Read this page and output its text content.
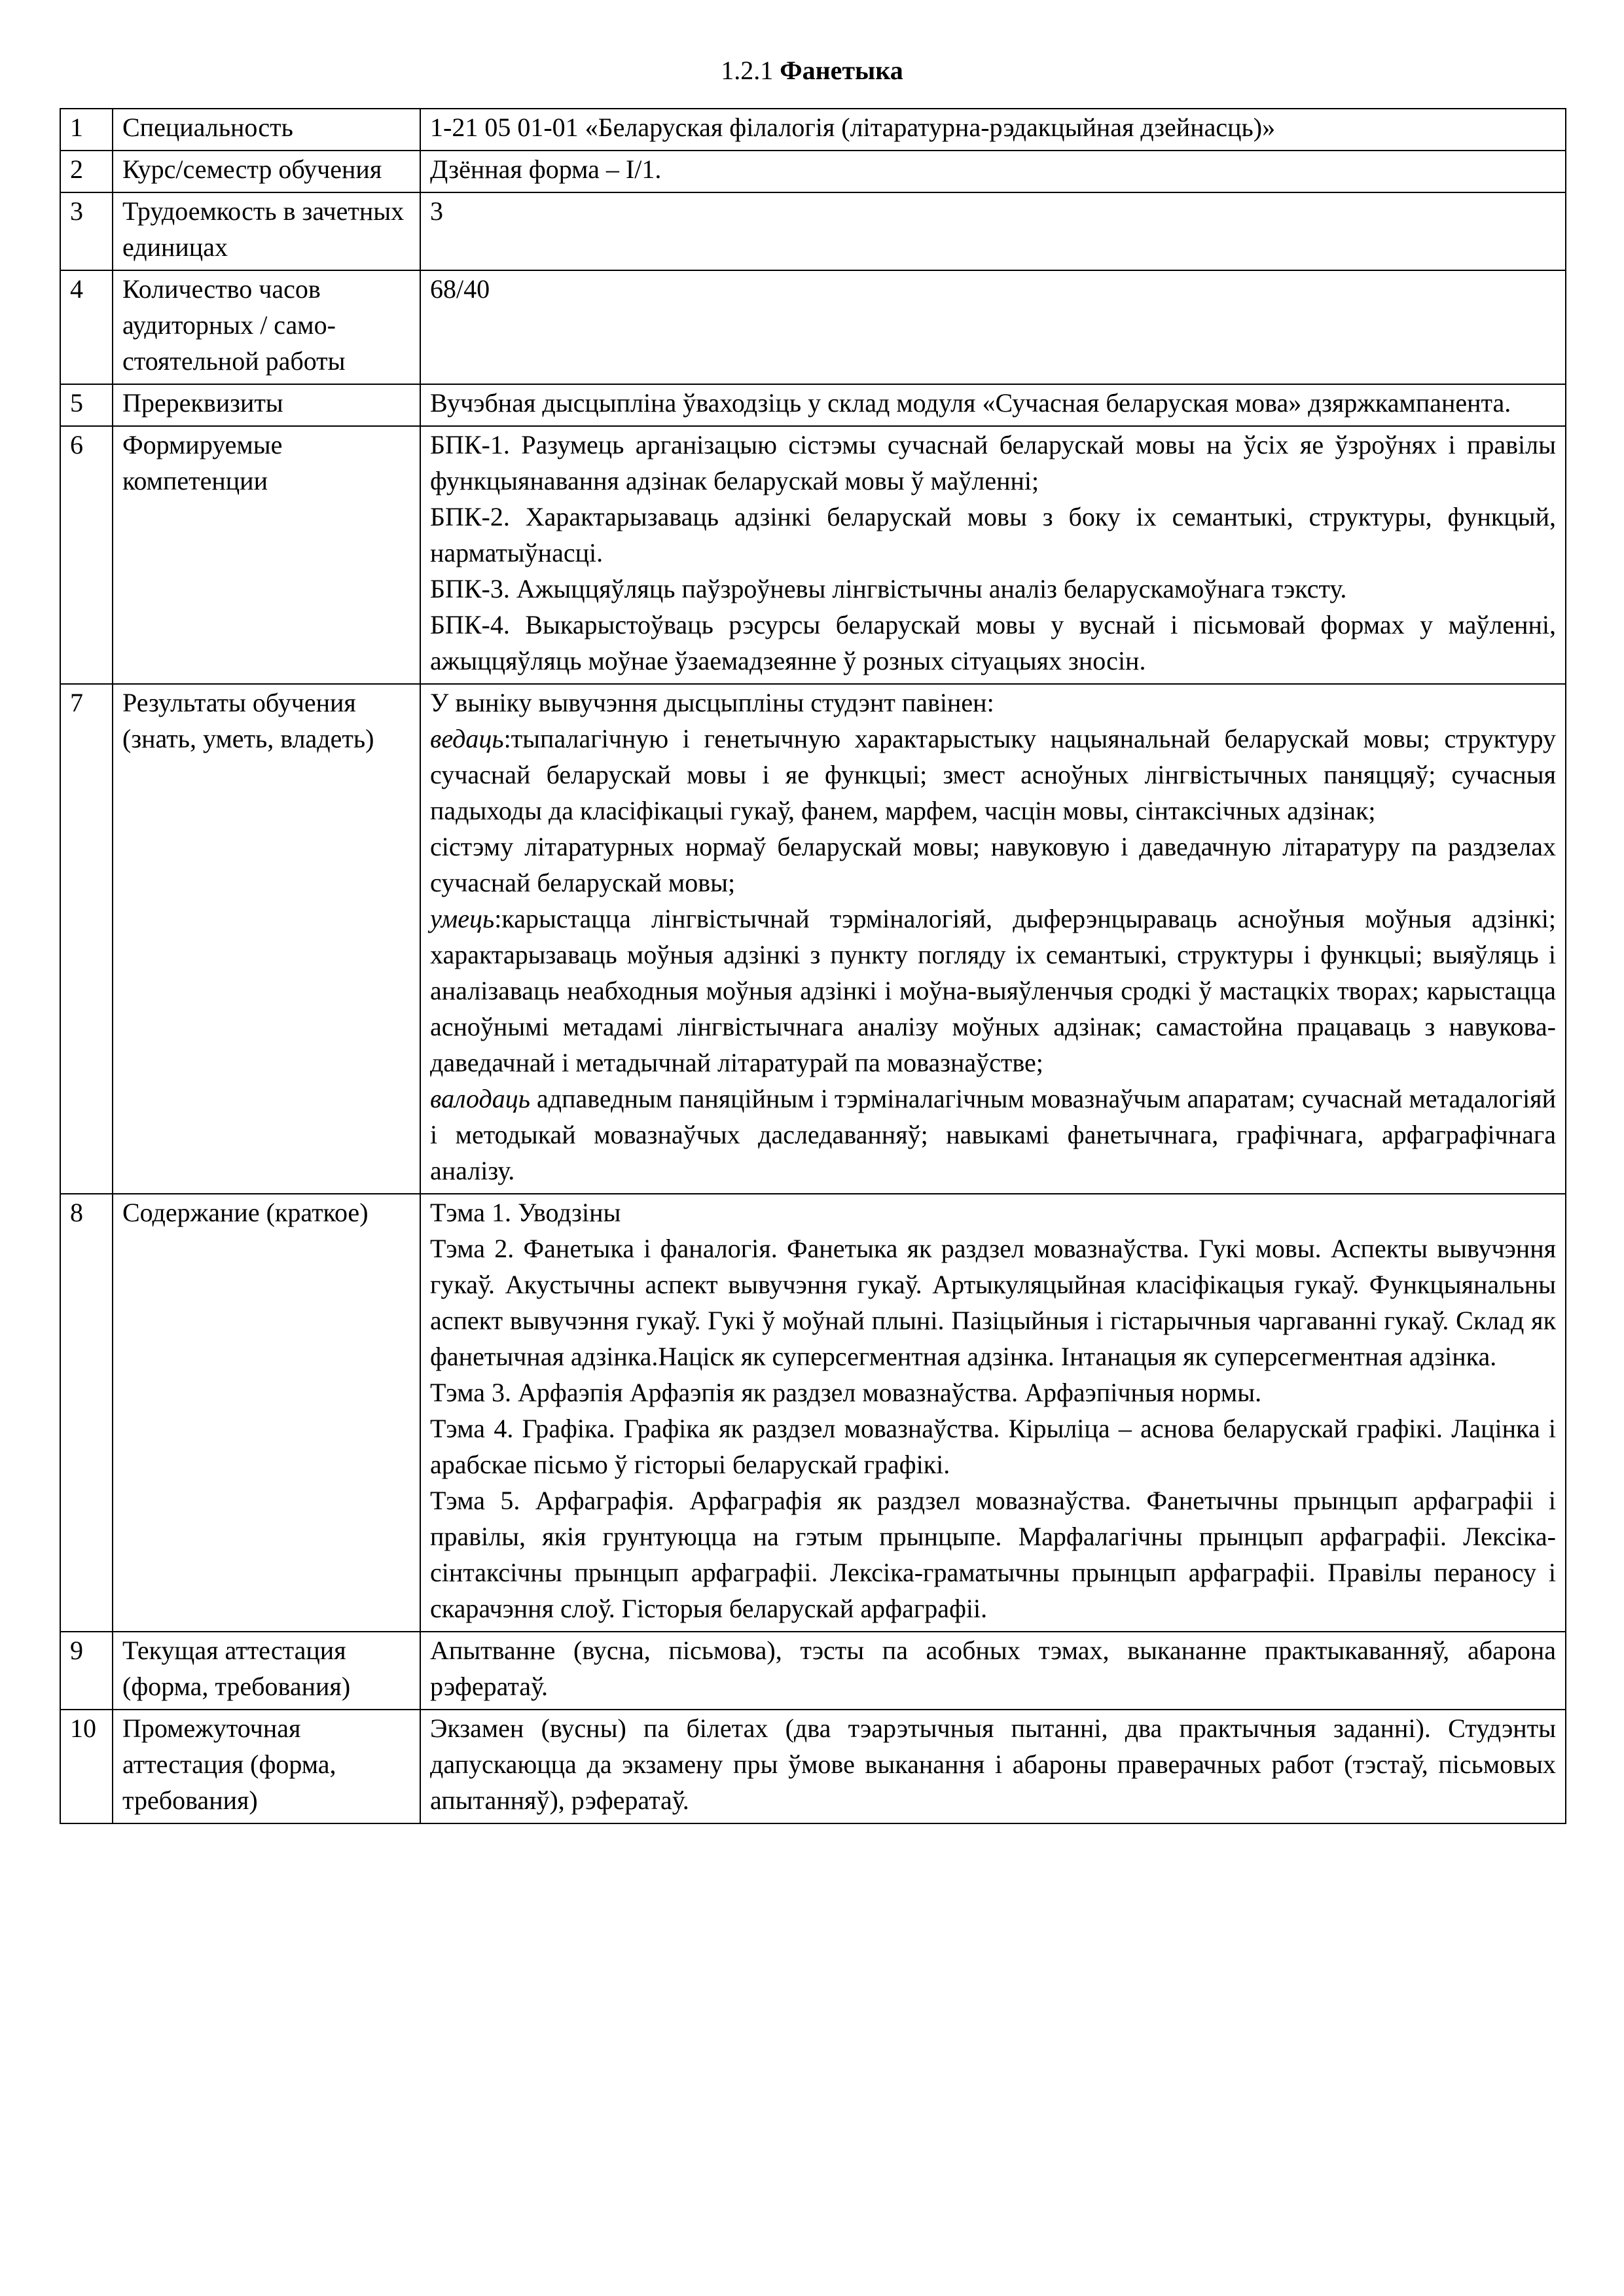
1.2.1 Фанетыка
1	Специальность	1-21 05 01-01 «Беларуская філалогія (літаратурна-рэдакцыйная дзейнасць)»
2	Курс/семестр обучения	Дзённая форма – I/1.
3	Трудоемкость в зачетных единицах	3
4	Количество часов аудиторных / само-стоятельной работы	68/40
5	Пререквизиты	Вучэбная дысцыпліна ўваходзіць у склад модуля «Сучасная беларуская мова» дзяржкампанента.
6	Формируемые компетенции	БПК-1. Разумець арганізацыю сістэмы сучаснай беларускай мовы на ўсіх яе ўзроўнях і правілы функцыянавання адзінак беларускай мовы ў маўленні;

БПК-2. Характарызаваць адзінкі беларускай мовы з боку іх семантыкі, структуры, функцый, нарматыўнасці.

БПК-3. Ажыццяўляць паўзроўневы лінгвістычны аналіз беларускамоўнага тэксту.

БПК-4. Выкарыстоўваць рэсурсы беларускай мовы у вуснай і пісьмовай формах у маўленні, ажыццяўляць моўнае ўзаемадзеянне ў розных сітуацыях зносін.

7	Результаты обучения (знать, уметь, владеть)	У выніку вывучэння дысцыпліны студэнт павінен:

ведаць:тыпалагічную і генетычную характарыстыку нацыянальнай беларускай мовы; структуру сучаснай беларускай мовы і яе функцыі; змест асноўных лінгвістычных паняццяў; сучасныя падыходы да класіфікацыі гукаў, фанем, марфем, часцін мовы, сінтаксічных адзінак;

сістэму літаратурных нормаў беларускай мовы; навуковую і даведачную літаратуру па раздзелах сучаснай беларускай мовы;

умець:карыстацца лінгвістычнай тэрміналогіяй, дыферэнцыраваць асноўныя моўныя адзінкі; характарызаваць моўныя адзінкі з пункту погляду іх семантыкі, структуры і функцыі; выяўляць і аналізаваць неабходныя моўныя адзінкі і моўна-выяўленчыя сродкі ў мастацкіх творах; карыстацца асноўнымі метадамі лінгвістычнага аналізу моўных адзінак; самастойна працаваць з навукова-даведачнай і метадычнай літаратурай па мовазнаўстве;

валодаць адпаведным паняційным і тэрміналагічным мовазнаўчым апаратам; сучаснай метадалогіяй і методыкай мовазнаўчых даследаванняў; навыкамі фанетычнага, графічнага, арфаграфічнага аналізу.

8	Содержание (краткое)	Тэма 1. Уводзіны

Тэма 2. Фанетыка і фаналогія. Фанетыка як раздзел мовазнаўства. Гукі мовы. Аспекты вывучэння гукаў. Акустычны аспект вывучэння гукаў. Артыкуляцыйная класіфікацыя гукаў. Функцыянальны аспект вывучэння гукаў. Гукі ў моўнай плыні. Пазіцыйныя і гістарычныя чаргаванні гукаў. Склад як фанетычная адзінка.Націск як суперсегментная адзінка. Інтанацыя як суперсегментная адзінка.

Тэма 3. Арфаэпія Арфаэпія як раздзел мовазнаўства. Арфаэпічныя нормы.

Тэма 4. Графіка. Графіка як раздзел мовазнаўства. Кірыліца – аснова беларускай графікі. Лацінка і арабскае пісьмо ў гісторыі беларускай графікі.

Тэма 5. Арфаграфія. Арфаграфія як раздзел мовазнаўства. Фанетычны прынцып арфаграфіі і правілы, якія грунтуюцца на гэтым прынцыпе. Марфалагічны прынцып арфаграфіі. Лексіка-сінтаксічны прынцып арфаграфіі. Лексіка-граматычны прынцып арфаграфіі. Правілы пераносу і скарачэння слоў. Гісторыя беларускай арфаграфіі.

9	Текущая аттестация (форма, требования)	Апытванне (вусна, пісьмова), тэсты па асобных тэмах, выкананне практыкаванняў, абарона рэфератаў.
10	Промежуточная аттестация (форма, требования)	Экзамен (вусны) па білетах (два тэарэтычныя пытанні, два практычныя заданні). Студэнты дапускаюцца да экзамену пры ўмове выканання і абароны праверачных работ (тэстаў, пісьмовых апытанняў), рэфератаў.
